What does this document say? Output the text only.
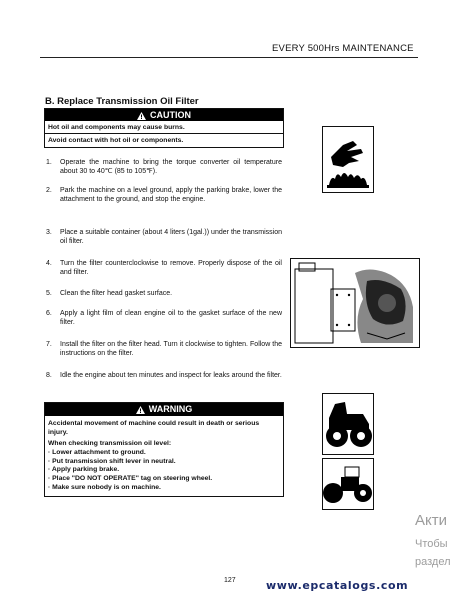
EVERY 500Hrs MAINTENANCE
B. Replace Transmission Oil Filter
CAUTION
Hot oil and components may cause burns.
Avoid contact with hot oil or components.
1.	Operate the machine to bring the torque converter oil temperature about 30 to 40℃ (85 to 105℉).
2.	Park the machine on a level ground, apply the parking brake, lower the attachment to the ground, and stop the engine.
3.	Place a suitable container (about 4 liters (1gal.)) under the transmission oil filter.
4.	Turn the filter counterclockwise to remove. Properly dispose of the oil and filter.
5.	Clean the filter head gasket surface.
6.	Apply a light film of clean engine oil to the gasket surface of the new filter.
7.	Install the filter on the filter head. Turn it clockwise to tighten. Follow the instructions on the filter.
8.	Idle the engine about ten minutes and inspect for leaks around the filter.
WARNING
Accidental movement of machine could result in death or serious injury.
When checking transmission oil level:
· Lower attachment to ground.
· Put transmission shift lever in neutral.
· Apply parking brake.
· Place "DO NOT OPERATE" tag on steering wheel.
· Make sure nobody is on machine.
127	www.epcatalogs.com
Акти
Чтобы
раздел
